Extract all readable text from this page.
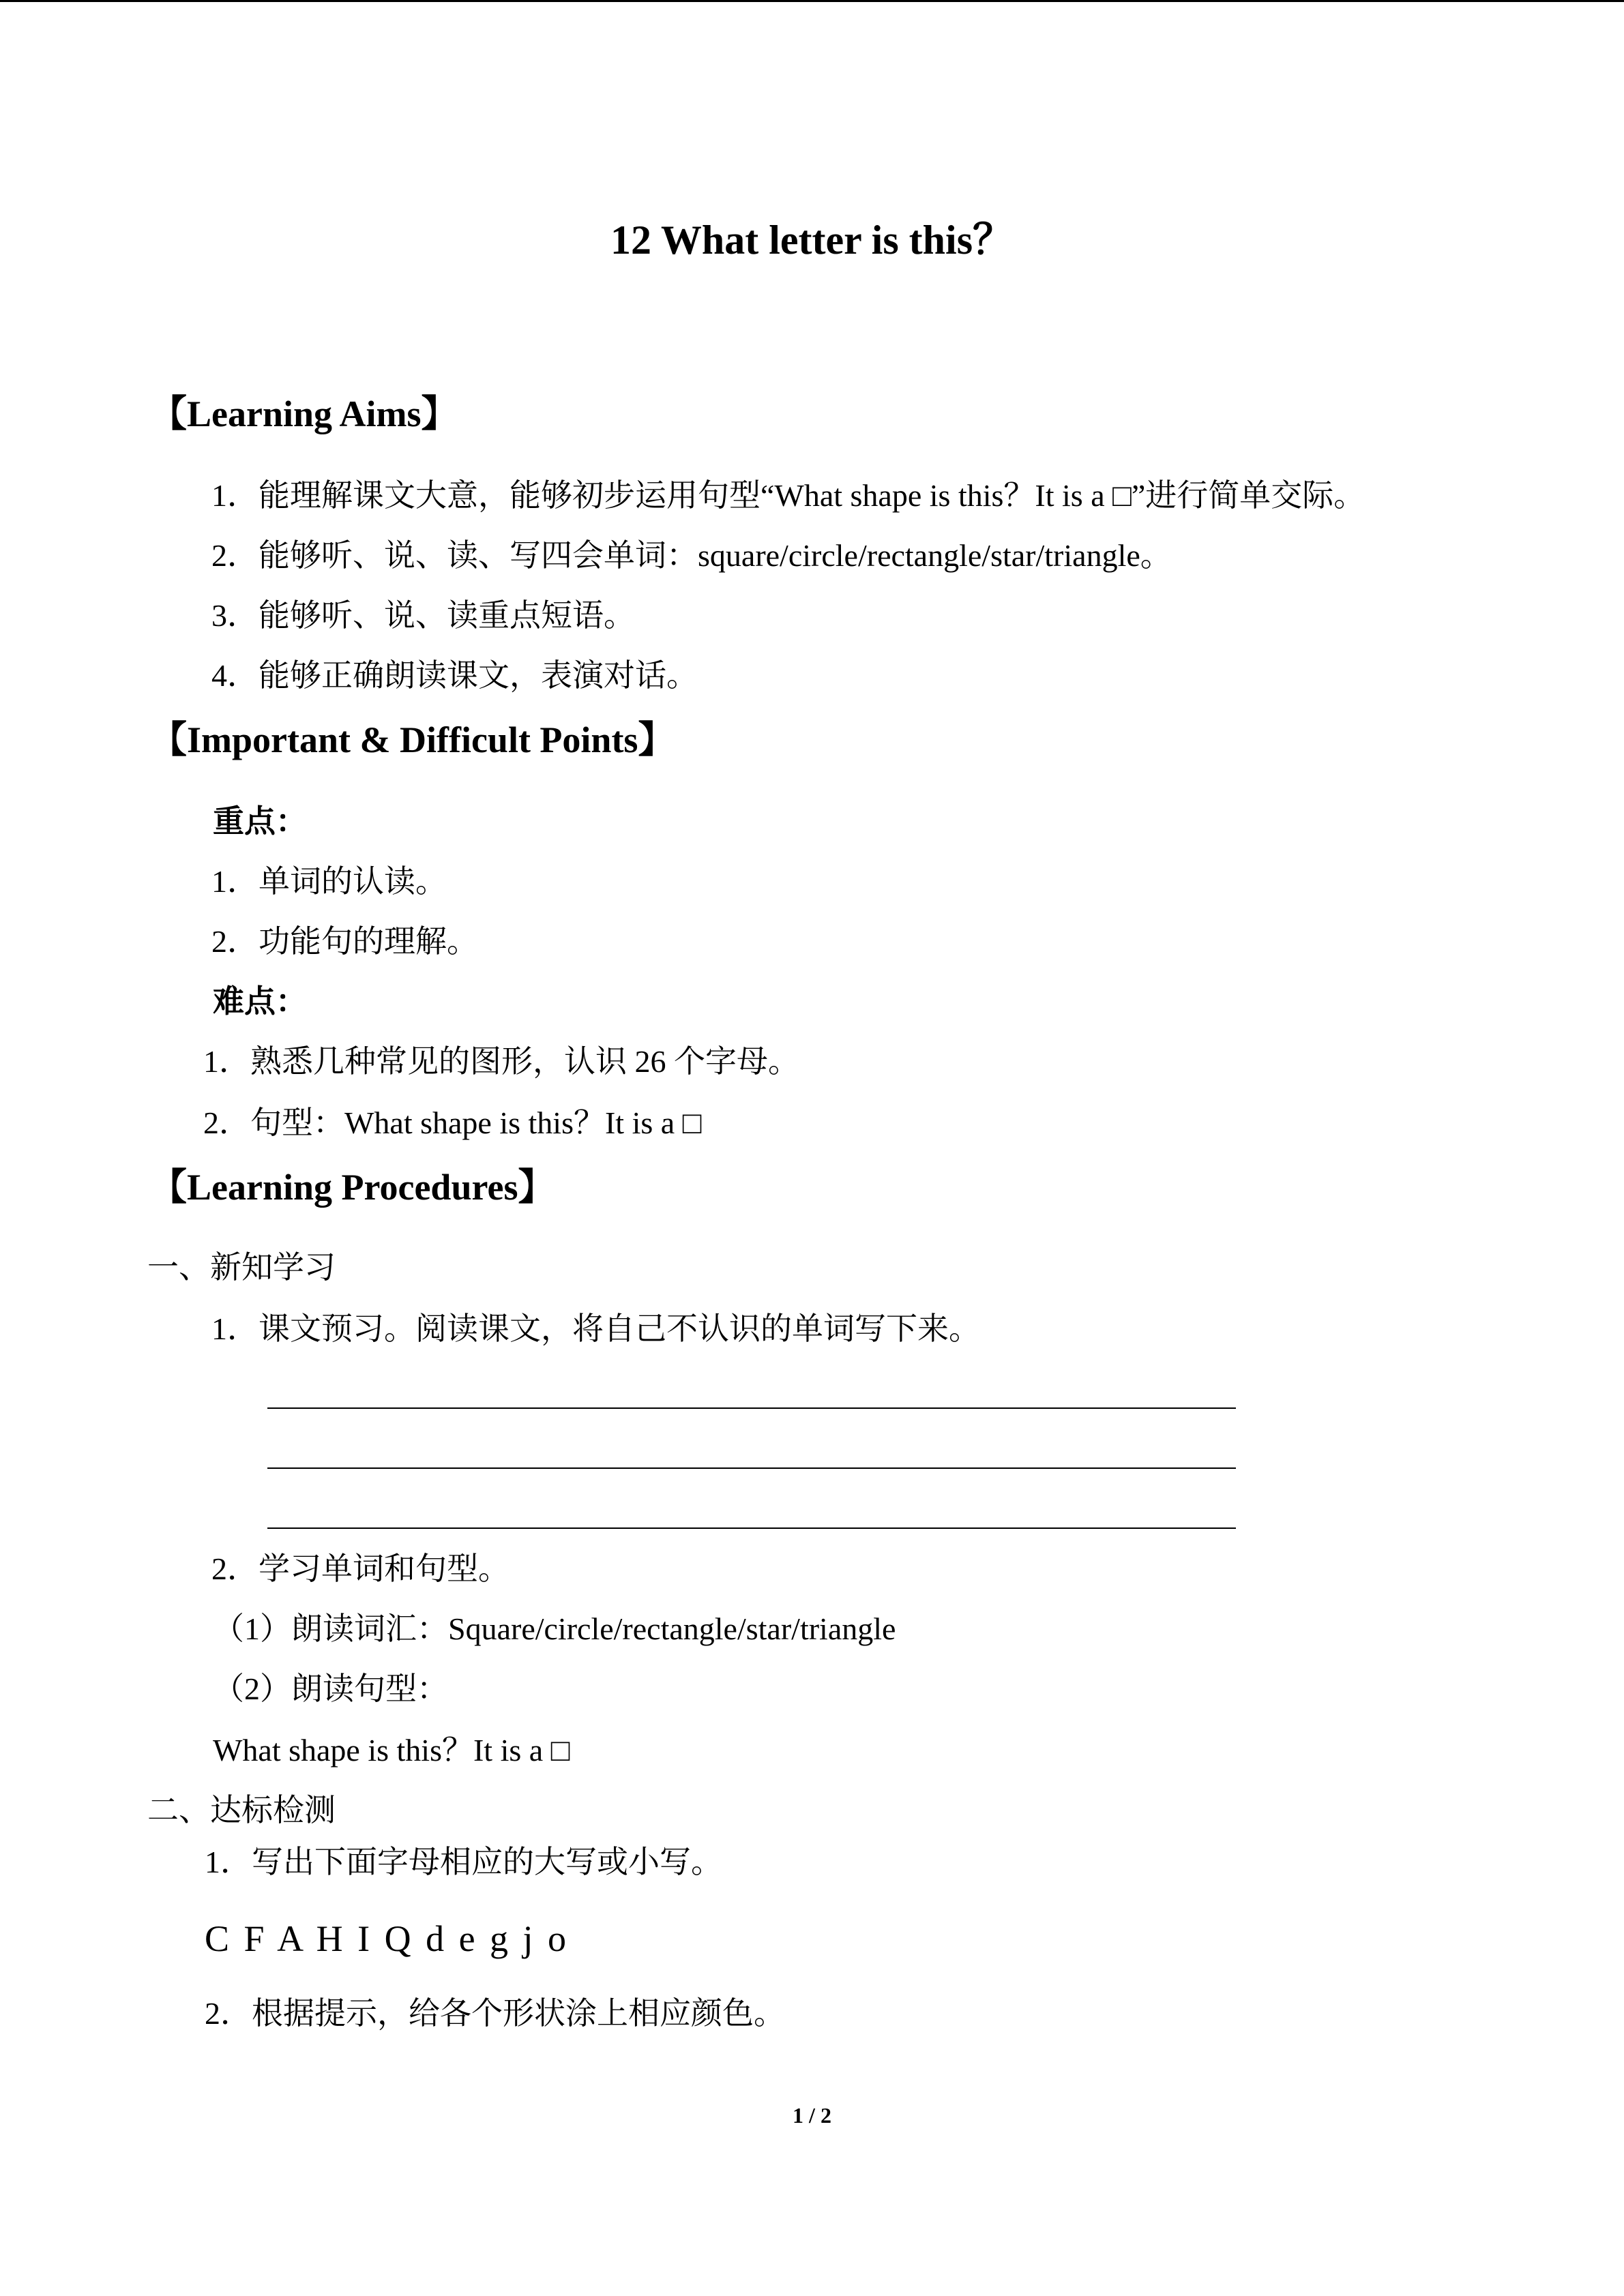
12 What letter is this？
【Learning Aims】
1．能理解课文大意，能够初步运用句型“What shape is this？It is a □”进行简单交际。
2．能够听、说、读、写四会单词：square/circle/rectangle/star/triangle。
3．能够听、说、读重点短语。
4．能够正确朗读课文，表演对话。
【Important & Difficult Points】
重点：
1．单词的认读。
2．功能句的理解。
难点：
1．熟悉几种常见的图形，认识 26 个字母。
2．句型：What shape is this？It is a □
【Learning Procedures】
一、新知学习
1．课文预习。阅读课文，将自己不认识的单词写下来。
2．学习单词和句型。
（1）朗读词汇：Square/circle/rectangle/star/triangle
（2）朗读句型：
What shape is this？It is a □
二、达标检测
1．写出下面字母相应的大写或小写。
C F A H I Q d e g j o
2．根据提示，给各个形状涂上相应颜色。
1 / 2
